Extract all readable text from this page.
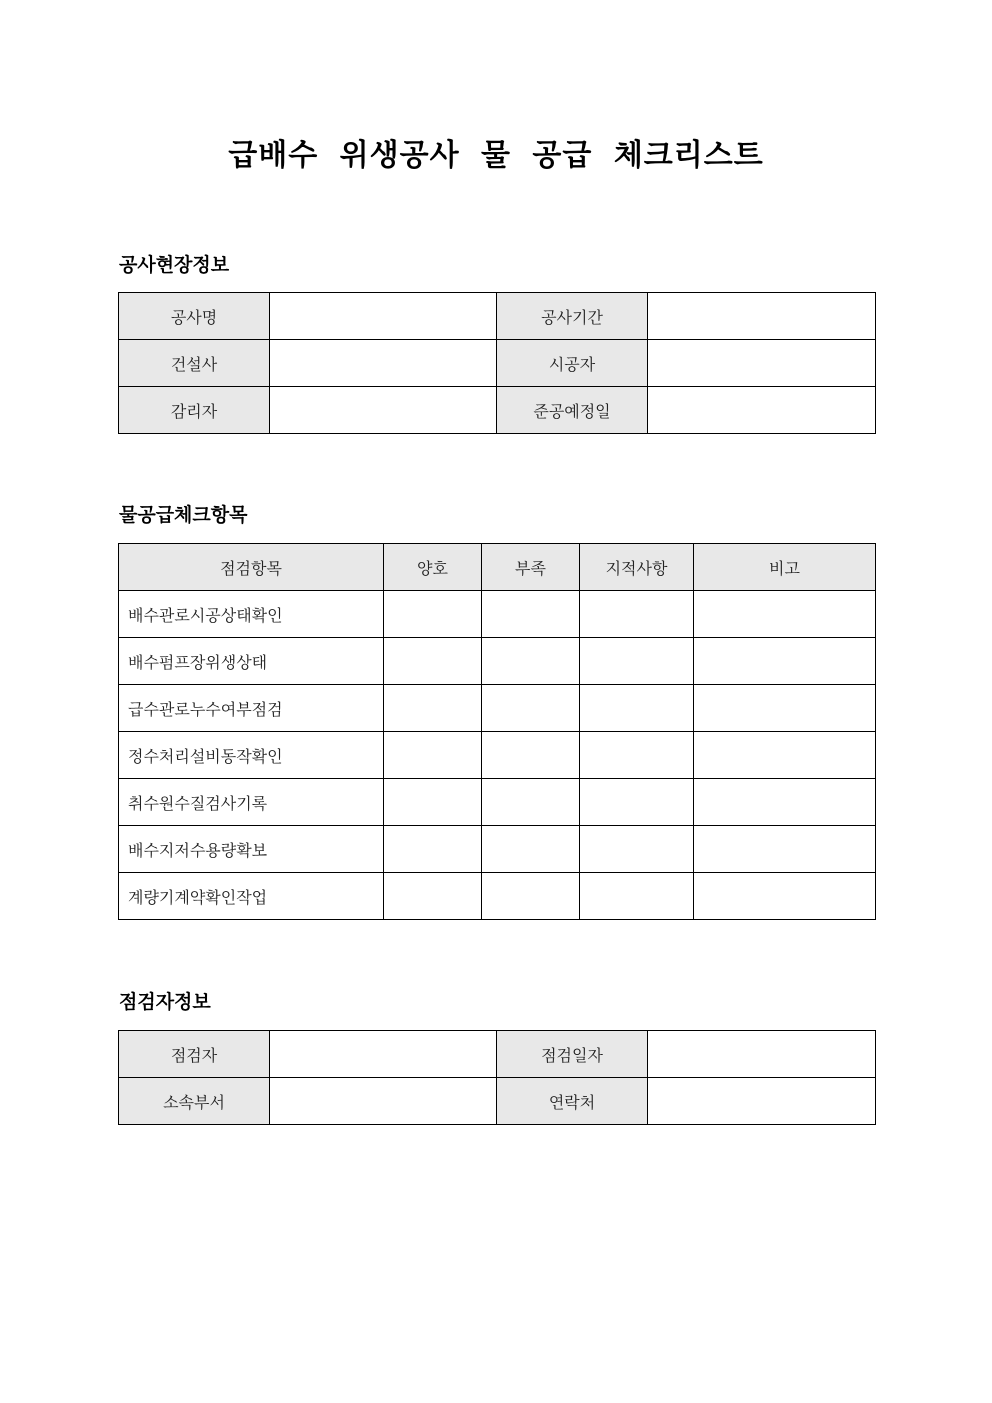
급배수 위생공사 물 공급 체크리스트
공사현장정보
공사명		공사기간	
건설사		시공자	
감리자		준공예정일	
물공급체크항목
점검항목	양호	부족	지적사항	비고
배수관로시공상태확인				
배수펌프장위생상태				
급수관로누수여부점검				
정수처리설비동작확인				
취수원수질검사기록				
배수지저수용량확보				
계량기계약확인작업				
점검자정보
점검자		점검일자	
소속부서		연락처	
